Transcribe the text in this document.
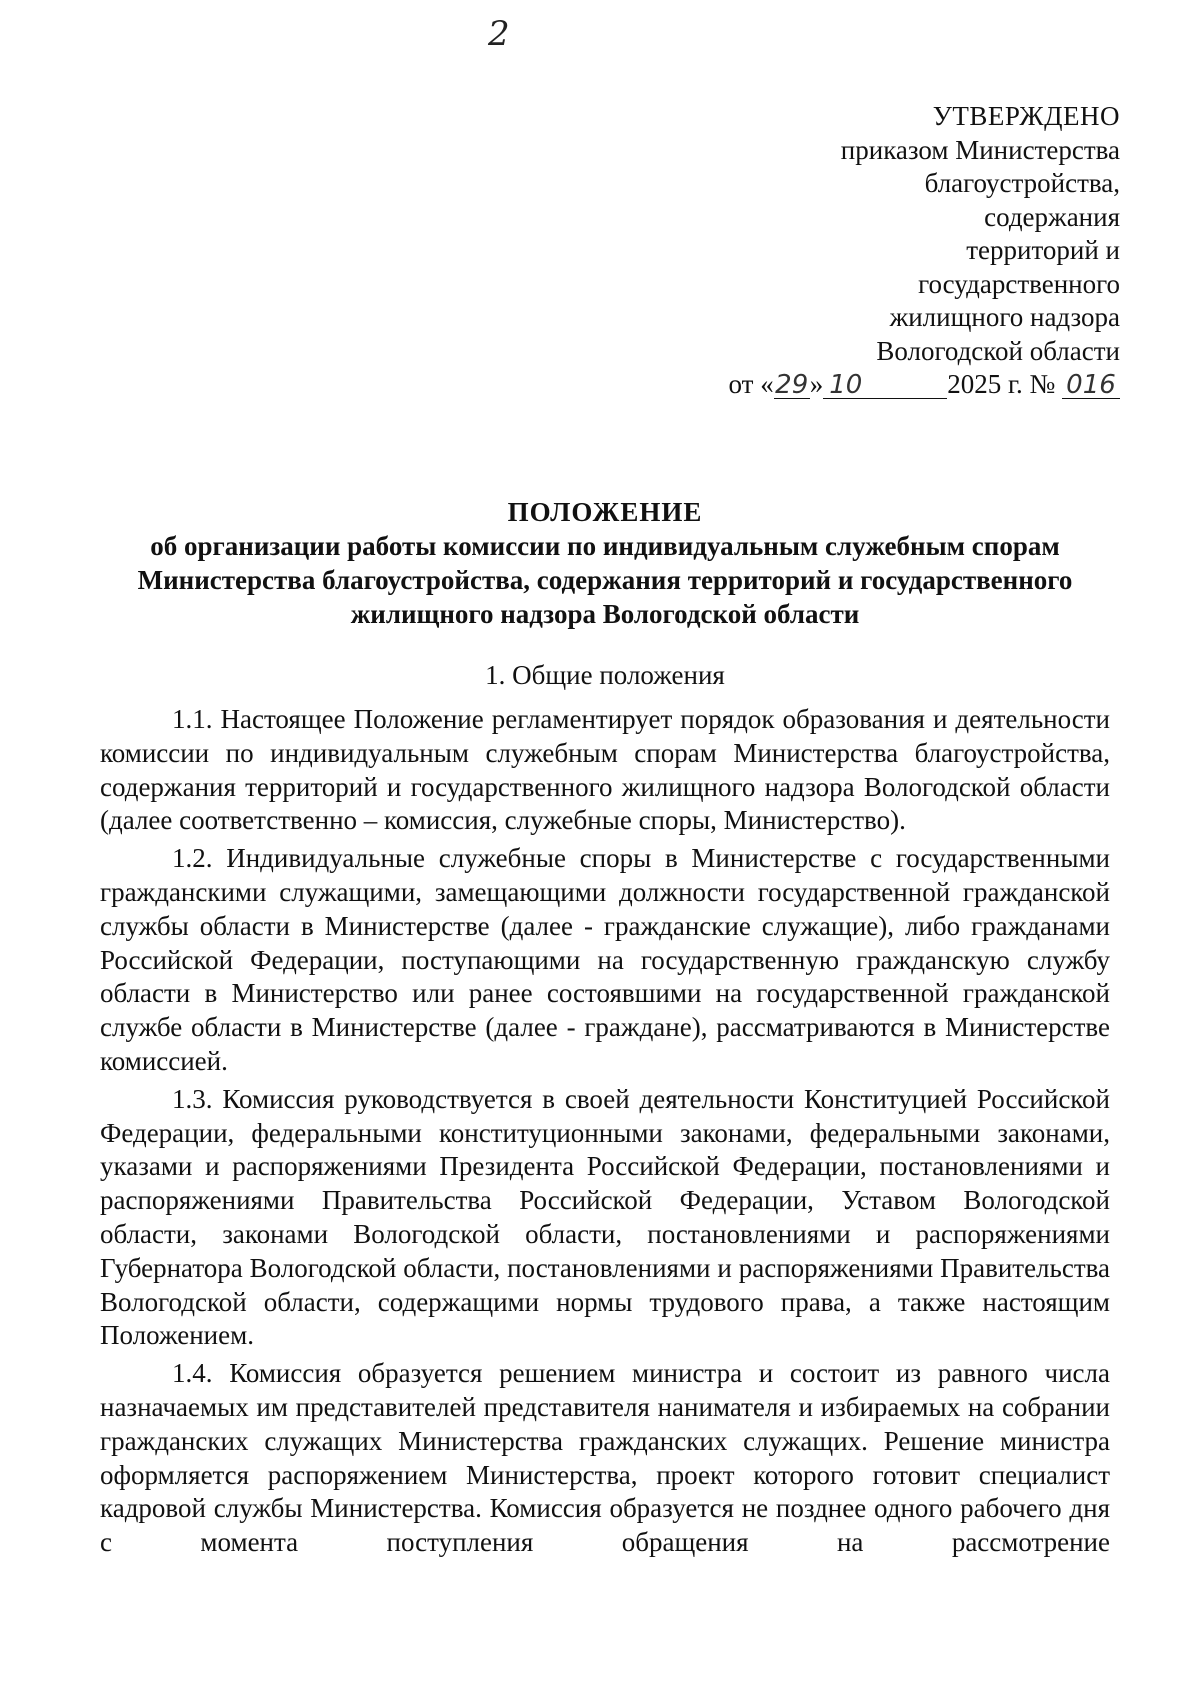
2
УТВЕРЖДЕНО
приказом Министерства
благоустройства,
содержания
территорий и
государственного
жилищного надзора
Вологодской области
от «29» 10	2025 г. № 016
ПОЛОЖЕНИЕ
об организации работы комиссии по индивидуальным служебным спорам
Министерства благоустройства, содержания территорий и государственного
жилищного надзора Вологодской области
1. Общие положения

1.1. Настоящее Положение регламентирует порядок образования и деятельности комиссии по индивидуальным служебным спорам Министерства благоустройства, содержания территорий и государственного жилищного надзора Вологодской области (далее соответственно – комиссия, служебные споры, Министерство).

1.2. Индивидуальные служебные споры в Министерстве с государственными гражданскими служащими, замещающими должности государственной гражданской службы области в Министерстве (далее - гражданские служащие), либо гражданами Российской Федерации, поступающими на государственную гражданскую службу области в Министерство или ранее состоявшими на государственной гражданской службе области в Министерстве (далее - граждане), рассматриваются в Министерстве комиссией.

1.3. Комиссия руководствуется в своей деятельности Конституцией Российской Федерации, федеральными конституционными законами, федеральными законами, указами и распоряжениями Президента Российской Федерации, постановлениями и распоряжениями Правительства Российской Федерации, Уставом Вологодской области, законами Вологодской области, постановлениями и распоряжениями Губернатора Вологодской области, постановлениями и распоряжениями Правительства Вологодской области, содержащими нормы трудового права, а также настоящим Положением.

1.4. Комиссия образуется решением министра и состоит из равного числа назначаемых им представителей представителя нанимателя и избираемых на собрании гражданских служащих Министерства гражданских служащих. Решение министра оформляется распоряжением Министерства, проект которого готовит специалист кадровой службы Министерства. Комиссия образуется не позднее одного рабочего дня с момента поступления обращения на рассмотрение
